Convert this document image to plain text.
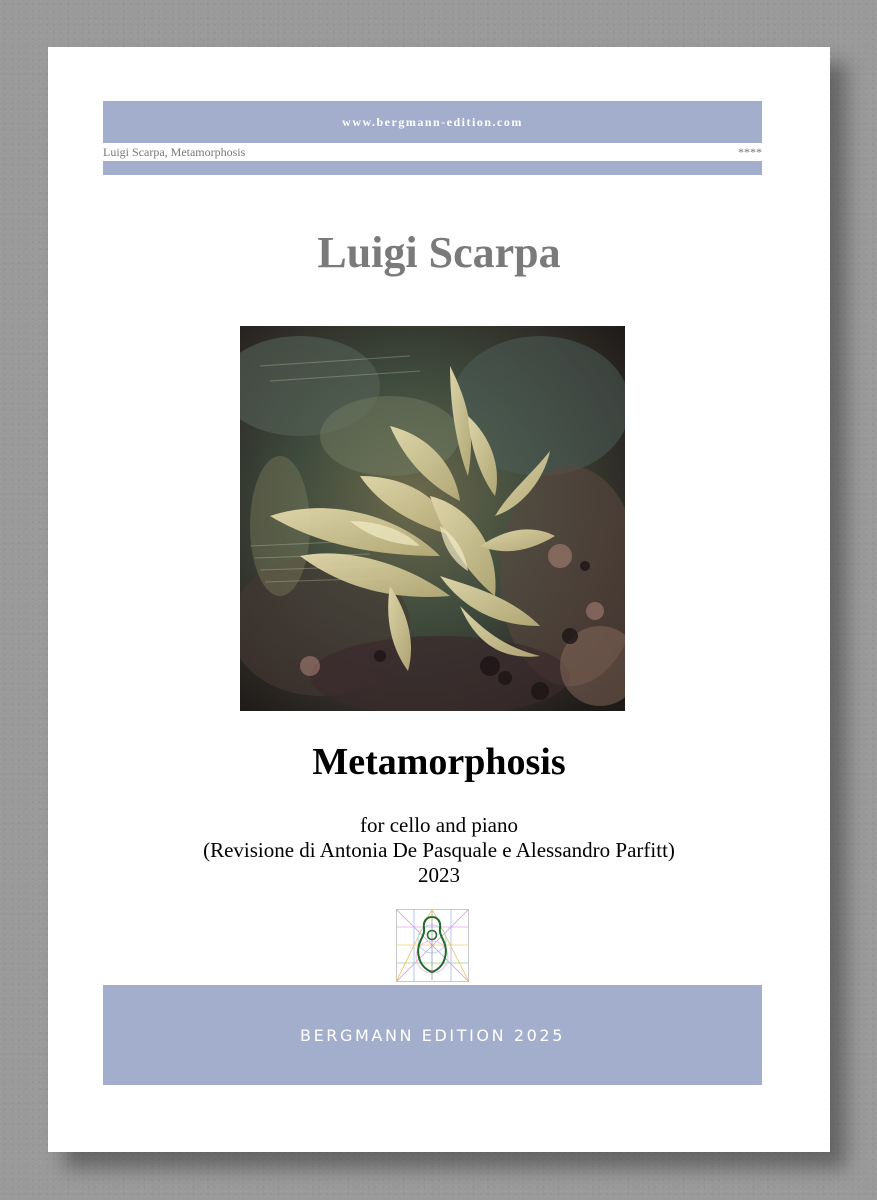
www.bergmann-edition.com
Luigi Scarpa, Metamorphosis	****
Luigi Scarpa
Metamorphosis
for cello and piano
(Revisione di Antonia De Pasquale e Alessandro Parfitt)
2023
BERGMANN EDITION 2025
